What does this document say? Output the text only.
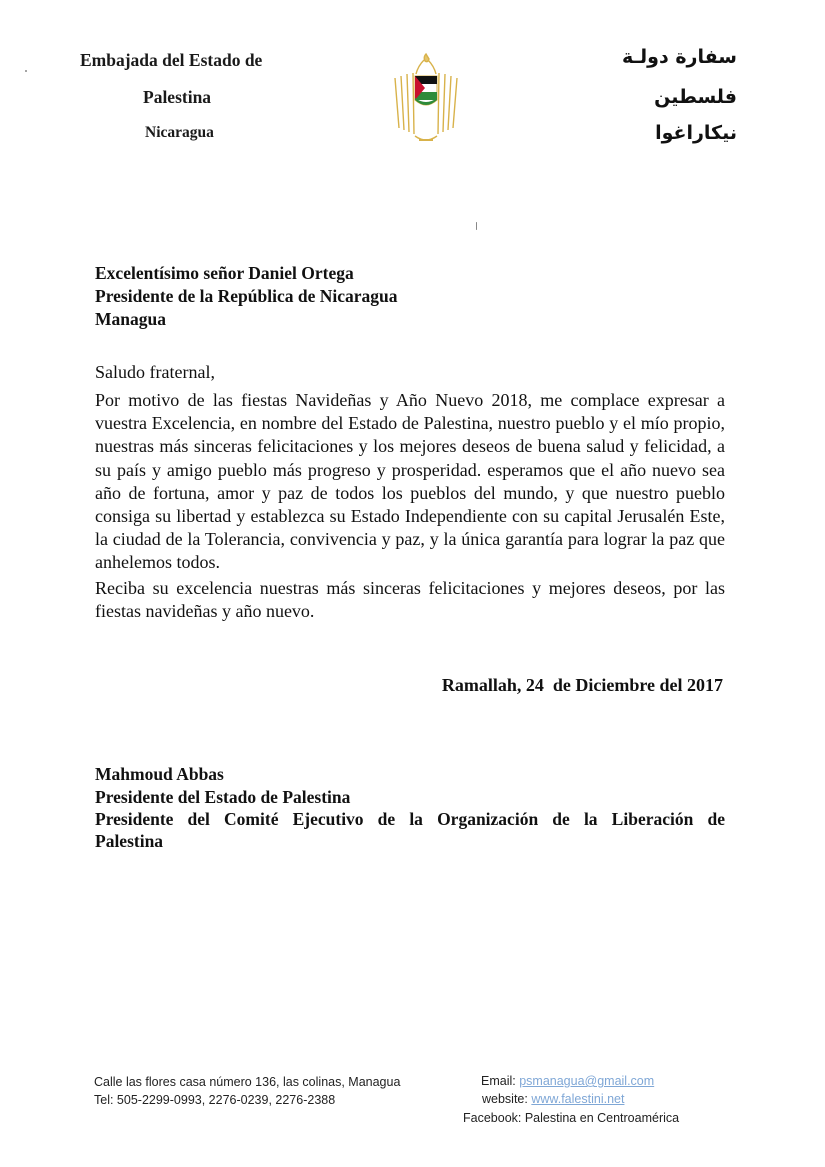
Embajada del Estado de
Palestina
Nicaragua
سفارة دولـة
فلسطين
نيكاراغوا
Excelentísimo señor Daniel Ortega
Presidente de la República de Nicaragua
Managua
Saludo fraternal,
Por motivo de las fiestas Navideñas y Año Nuevo 2018, me complace expresar a vuestra Excelencia, en nombre del Estado de Palestina, nuestro pueblo y el mío propio, nuestras más sinceras felicitaciones y los mejores deseos de buena salud y felicidad, a su país y amigo pueblo más progreso y prosperidad. esperamos que el año nuevo sea año de fortuna, amor y paz de todos los pueblos del mundo, y que nuestro pueblo consiga su libertad y establezca su Estado Independiente con su capital Jerusalén Este, la ciudad de la Tolerancia, convivencia y paz, y la única garantía para lograr la paz que anhelemos todos.
Reciba su excelencia nuestras más sinceras felicitaciones y mejores deseos, por las fiestas navideñas y año nuevo.
Ramallah, 24  de Diciembre del 2017
Mahmoud Abbas
Presidente del Estado de Palestina
Presidente del Comité Ejecutivo de la Organización de la Liberación de
Palestina
Calle las flores casa número 136, las colinas, Managua
Tel: 505-2299-0993, 2276-0239, 2276-2388
Email: psmanagua@gmail.com
website: www.falestini.net
Facebook: Palestina en Centroamérica
